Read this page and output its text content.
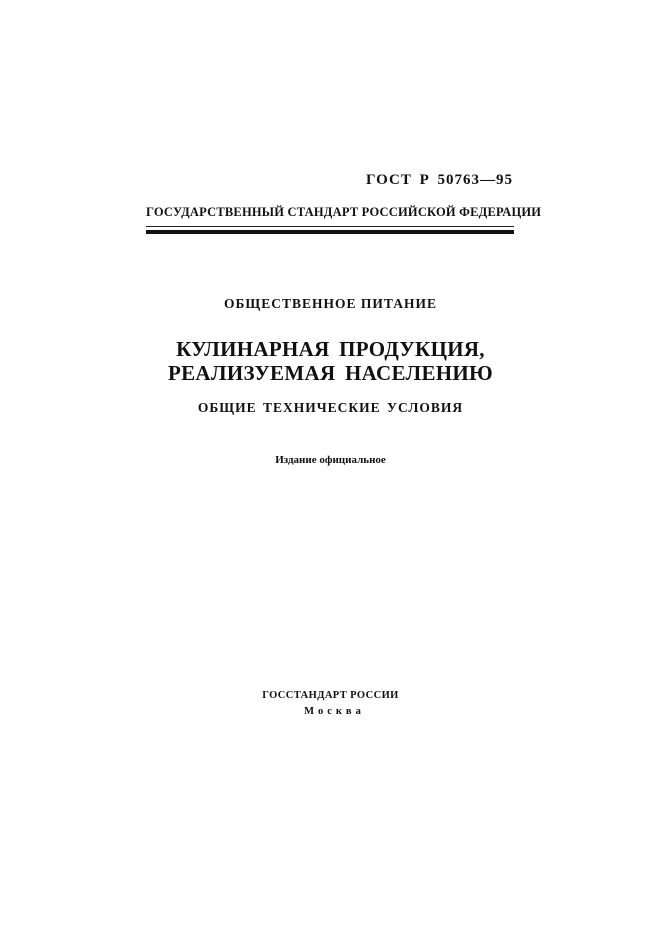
ГОСТ Р 50763—95
ГОСУДАРСТВЕННЫЙ СТАНДАРТ РОССИЙСКОЙ ФЕДЕРАЦИИ
ОБЩЕСТВЕННОЕ ПИТАНИЕ
КУЛИНАРНАЯ ПРОДУКЦИЯ,
РЕАЛИЗУЕМАЯ НАСЕЛЕНИЮ
ОБЩИЕ ТЕХНИЧЕСКИЕ УСЛОВИЯ
Издание официальное
ГОССТАНДАРТ РОССИИ
Москва
